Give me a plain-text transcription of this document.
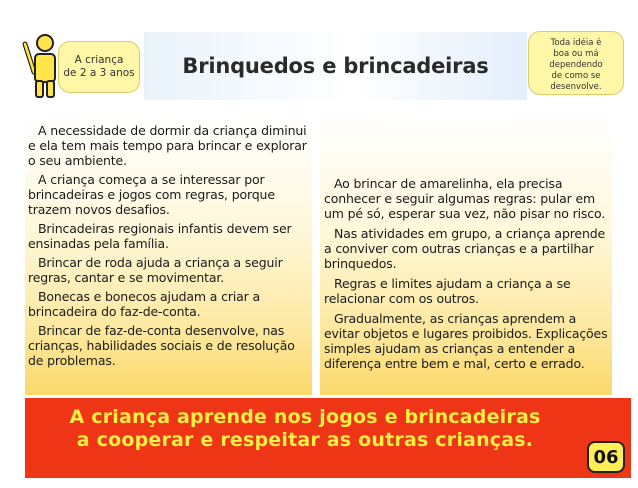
A criança
de 2 a 3 anos Brinquedos e brincadeiras
Toda idéia é
boa ou má
dependendo
de como se
desenvolve.

A necessidade de dormir da criança diminui e ela tem mais tempo para brincar e explorar o seu ambiente.

A criança começa a se interessar por brincadeiras e jogos com regras, porque trazem novos desafios.

Brincadeiras regionais infantis devem ser ensinadas pela família.

Brincar de roda ajuda a criança a seguir regras, cantar e se movimentar.

Bonecas e bonecos ajudam a criar a brincadeira do faz-de-conta.

Brincar de faz-de-conta desenvolve, nas crianças, habilidades sociais e de resolução de problemas.

Ao brincar de amarelinha, ela precisa conhecer e seguir algumas regras: pular em um pé só, esperar sua vez, não pisar no risco.

Nas atividades em grupo, a criança aprende a conviver com outras crianças e a partilhar brinquedos.

Regras e limites ajudam a criança a se relacionar com os outros.

Gradualmente, as crianças aprendem a evitar objetos e lugares proibidos. Explicações simples ajudam as crianças a entender a diferença entre bem e mal, certo e errado.

A criança aprende nos jogos e brincadeiras
a cooperar e respeitar as outras crianças.
06
